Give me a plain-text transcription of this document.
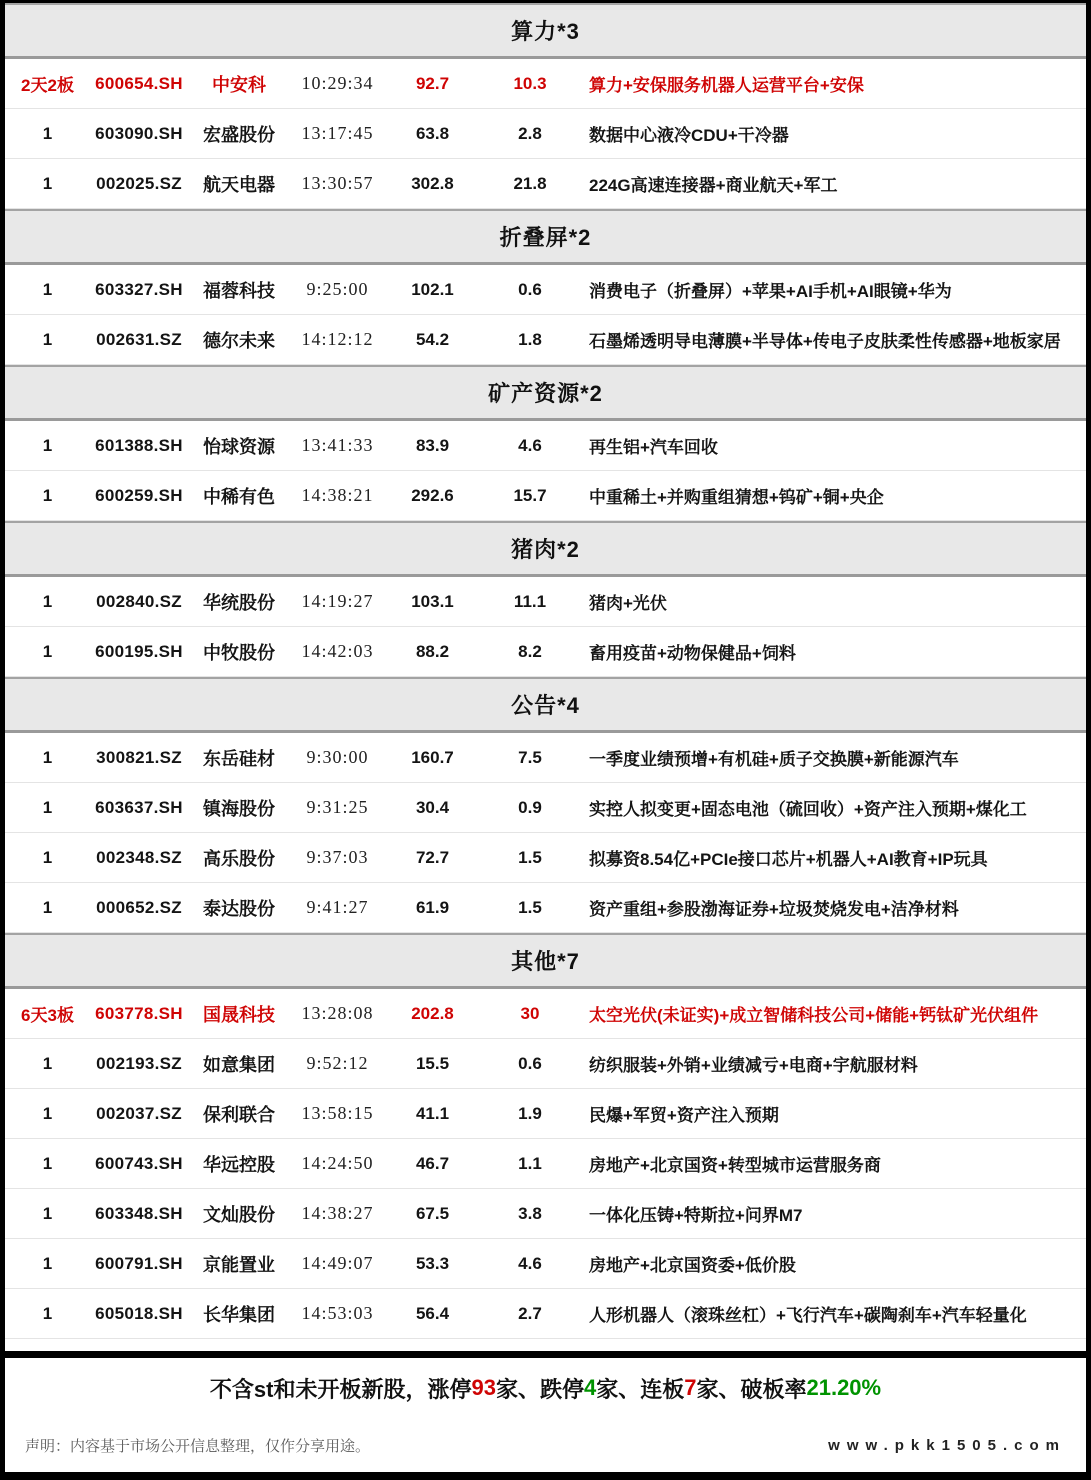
算力*3
2天2板	600654.SH	中安科	10:29:34	92.7	10.3	算力+安保服务机器人运营平台+安保
1	603090.SH	宏盛股份	13:17:45	63.8	2.8	数据中心液冷CDU+干冷器
1	002025.SZ	航天电器	13:30:57	302.8	21.8	224G高速连接器+商业航天+军工
折叠屏*2
1	603327.SH	福蓉科技	9:25:00	102.1	0.6	消费电子（折叠屏）+苹果+AI手机+AI眼镜+华为
1	002631.SZ	德尔未来	14:12:12	54.2	1.8	石墨烯透明导电薄膜+半导体+传电子皮肤柔性传感器+地板家居
矿产资源*2
1	601388.SH	怡球资源	13:41:33	83.9	4.6	再生铝+汽车回收
1	600259.SH	中稀有色	14:38:21	292.6	15.7	中重稀土+并购重组猜想+钨矿+铜+央企
猪肉*2
1	002840.SZ	华统股份	14:19:27	103.1	11.1	猪肉+光伏
1	600195.SH	中牧股份	14:42:03	88.2	8.2	畜用疫苗+动物保健品+饲料
公告*4
1	300821.SZ	东岳硅材	9:30:00	160.7	7.5	一季度业绩预增+有机硅+质子交换膜+新能源汽车
1	603637.SH	镇海股份	9:31:25	30.4	0.9	实控人拟变更+固态电池（硫回收）+资产注入预期+煤化工
1	002348.SZ	高乐股份	9:37:03	72.7	1.5	拟募资8.54亿+PCIe接口芯片+机器人+AI教育+IP玩具
1	000652.SZ	泰达股份	9:41:27	61.9	1.5	资产重组+参股渤海证券+垃圾焚烧发电+洁净材料
其他*7
6天3板	603778.SH	国晟科技	13:28:08	202.8	30	太空光伏(未证实)+成立智储科技公司+储能+钙钛矿光伏组件
1	002193.SZ	如意集团	9:52:12	15.5	0.6	纺织服装+外销+业绩减亏+电商+宇航服材料
1	002037.SZ	保利联合	13:58:15	41.1	1.9	民爆+军贸+资产注入预期
1	600743.SH	华远控股	14:24:50	46.7	1.1	房地产+北京国资+转型城市运营服务商
1	603348.SH	文灿股份	14:38:27	67.5	3.8	一体化压铸+特斯拉+问界M7
1	600791.SH	京能置业	14:49:07	53.3	4.6	房地产+北京国资委+低价股
1	605018.SH	长华集团	14:53:03	56.4	2.7	人形机器人（滚珠丝杠）+飞行汽车+碳陶刹车+汽车轻量化
不含st和未开板新股，涨停 93 家、跌停 4 家、连板 7 家、破板率 21.20%
声明：内容基于市场公开信息整理，仅作分享用途。	www.pkk1505.com
